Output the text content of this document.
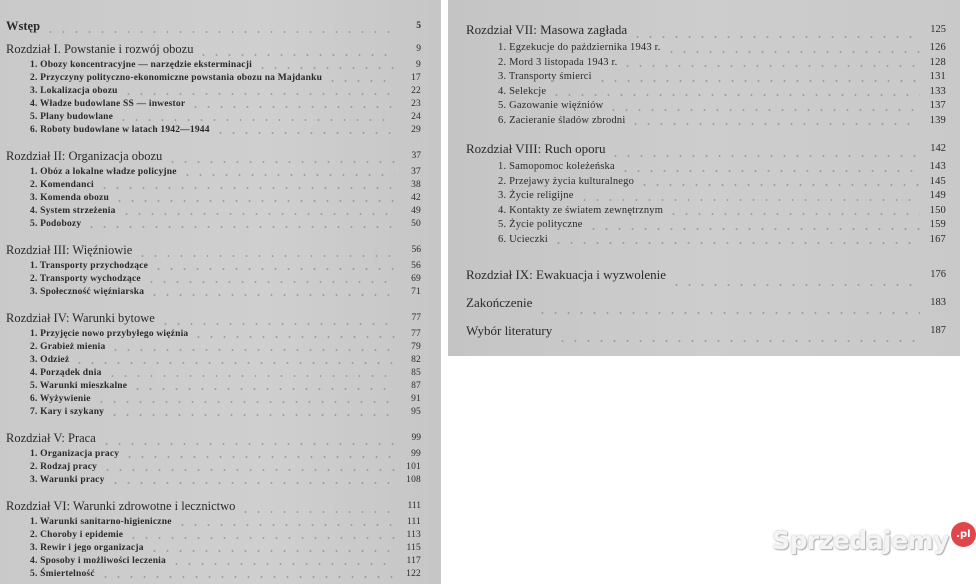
Wstęp	5
Rozdział I. Powstanie i rozwój obozu	9
1. Obozy koncentracyjne — narzędzie eksterminacji	9
2. Przyczyny polityczno-ekonomiczne powstania obozu na Majdanku	17
3. Lokalizacja obozu	22
4. Władze budowlane SS — inwestor	23
5. Plany budowlane	24
6. Roboty budowlane w latach 1942—1944	29
Rozdział II: Organizacja obozu	37
1. Obóz a lokalne władze policyjne	37
2. Komendanci	38
3. Komenda obozu	42
4. System strzeżenia	49
5. Podobozy	50
Rozdział III: Więźniowie	56
1. Transporty przychodzące	56
2. Transporty wychodzące	69
3. Społeczność więźniarska	71
Rozdział IV: Warunki bytowe	77
1. Przyjęcie nowo przybyłego więźnia	77
2. Grabież mienia	79
3. Odzież	82
4. Porządek dnia	85
5. Warunki mieszkalne	87
6. Wyżywienie	91
7. Kary i szykany	95
Rozdział V: Praca	99
1. Organizacja pracy	99
2. Rodzaj pracy	101
3. Warunki pracy	108
Rozdział VI: Warunki zdrowotne i lecznictwo	111
1. Warunki sanitarno-higieniczne	111
2. Choroby i epidemie	113
3. Rewir i jego organizacja	115
4. Sposoby i możliwości leczenia	117
5. Śmiertelność	122
Rozdział VII: Masowa zagłada	125
1. Egzekucje do października 1943 r.	126
2. Mord 3 listopada 1943 r.	128
3. Transporty śmierci	131
4. Selekcje	133
5. Gazowanie więźniów	137
6. Zacieranie śladów zbrodni	139
Rozdział VIII: Ruch oporu	142
1. Samopomoc koleżeńska	143
2. Przejawy życia kulturalnego	145
3. Życie religijne	149
4. Kontakty ze światem zewnętrznym	150
5. Życie polityczne	159
6. Ucieczki	167
Rozdział IX: Ewakuacja i wyzwolenie	176
Zakończenie	183
Wybór literatury	187
Sprzedajemy .pl
